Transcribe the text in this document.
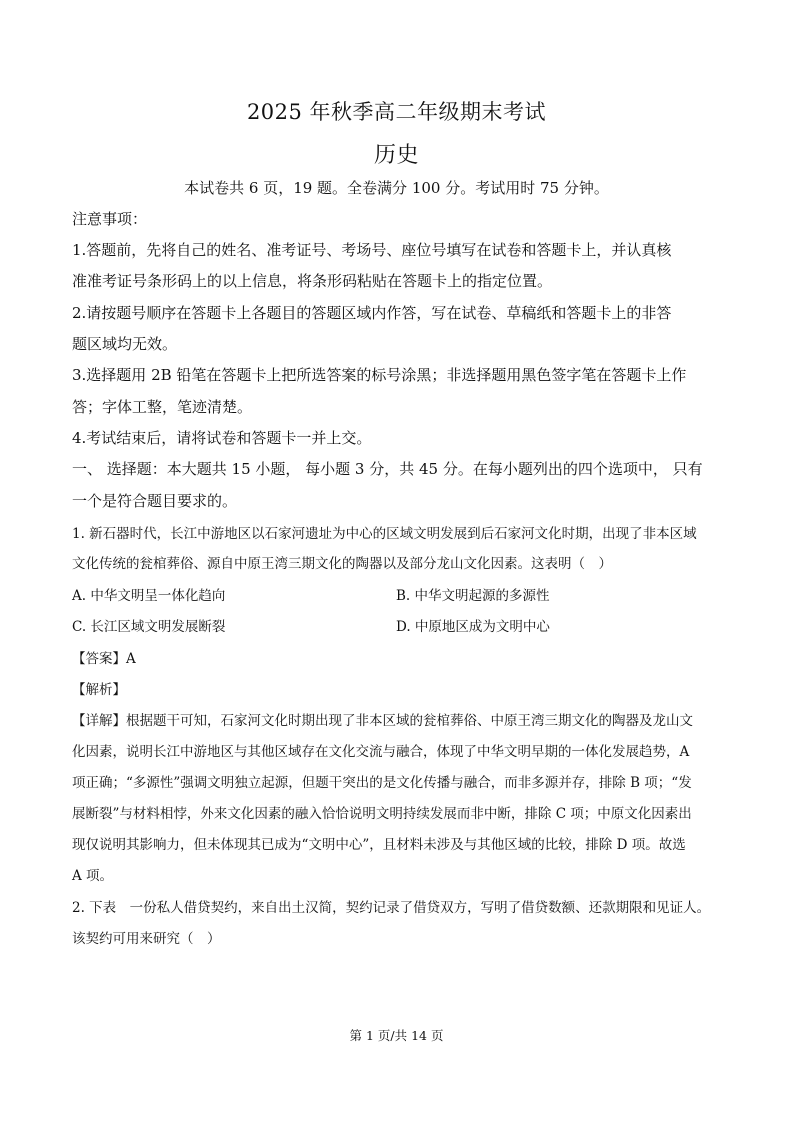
2025 年秋季高二年级期末考试
历史
本试卷共 6 页，19 题。全卷满分 100 分。考试用时 75 分钟。
注意事项：
1.答题前，先将自己的姓名、准考证号、考场号、座位号填写在试卷和答题卡上，并认真核
准准考证号条形码上的以上信息，将条形码粘贴在答题卡上的指定位置。
2.请按题号顺序在答题卡上各题目的答题区域内作答，写在试卷、草稿纸和答题卡上的非答
题区域均无效。
3.选择题用 2B 铅笔在答题卡上把所选答案的标号涂黑；非选择题用黑色签字笔在答题卡上作
答；字体工整，笔迹清楚。
4.考试结束后，请将试卷和答题卡一并上交。
一、 选择题：本大题共 15 小题， 每小题 3 分，共 45 分。在每小题列出的四个选项中， 只有
一个是符合题目要求的。
1. 新石器时代，长江中游地区以石家河遗址为中心的区域文明发展到后石家河文化时期，出现了非本区域
文化传统的瓮棺葬俗、源自中原王湾三期文化的陶器以及部分龙山文化因素。这表明（　）
A. 中华文明呈一体化趋向	B. 中华文明起源的多源性
C. 长江区域文明发展断裂	D. 中原地区成为文明中心
【答案】A
【解析】
【详解】根据题干可知，石家河文化时期出现了非本区域的瓮棺葬俗、中原王湾三期文化的陶器及龙山文
化因素，说明长江中游地区与其他区域存在文化交流与融合，体现了中华文明早期的一体化发展趋势，A
项正确；“多源性”强调文明独立起源，但题干突出的是文化传播与融合，而非多源并存，排除 B 项；“发
展断裂”与材料相悖，外来文化因素的融入恰恰说明文明持续发展而非中断，排除 C 项；中原文化因素出
现仅说明其影响力，但未体现其已成为“文明中心”，且材料未涉及与其他区域的比较，排除 D 项。故选
A 项。
2. 下表　一份私人借贷契约，来自出土汉简，契约记录了借贷双方，写明了借贷数额、还款期限和见证人。
该契约可用来研究（　）
第 1 页/共 14 页
